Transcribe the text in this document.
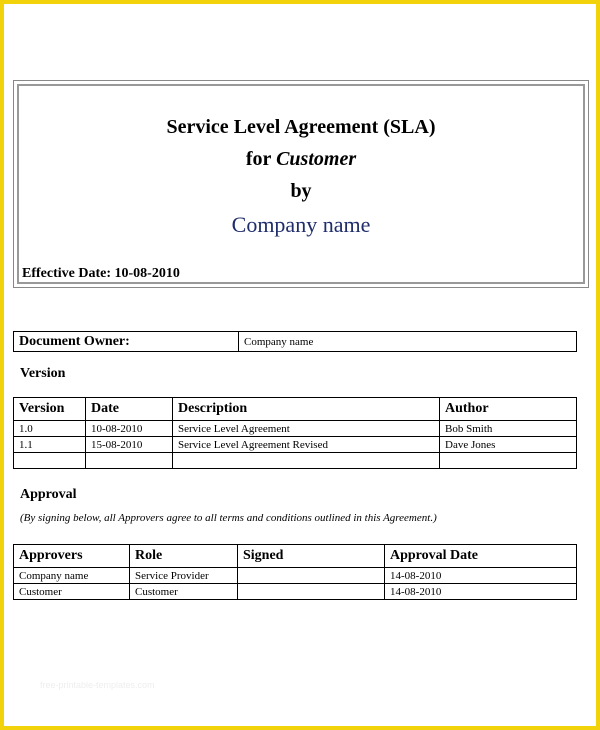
Service Level Agreement (SLA)
for Customer
by
Company name
Effective Date: 10-08-2010
Document Owner:	Company name
Version
Version	Date	Description	Author
1.0	10-08-2010	Service Level Agreement	Bob Smith
1.1	15-08-2010	Service Level Agreement Revised	Dave Jones

Approval
(By signing below, all Approvers agree to all terms and conditions outlined in this Agreement.)
Approvers	Role	Signed	Approval Date
Company name	Service Provider		14-08-2010
Customer	Customer		14-08-2010
free-printable-templates.com
